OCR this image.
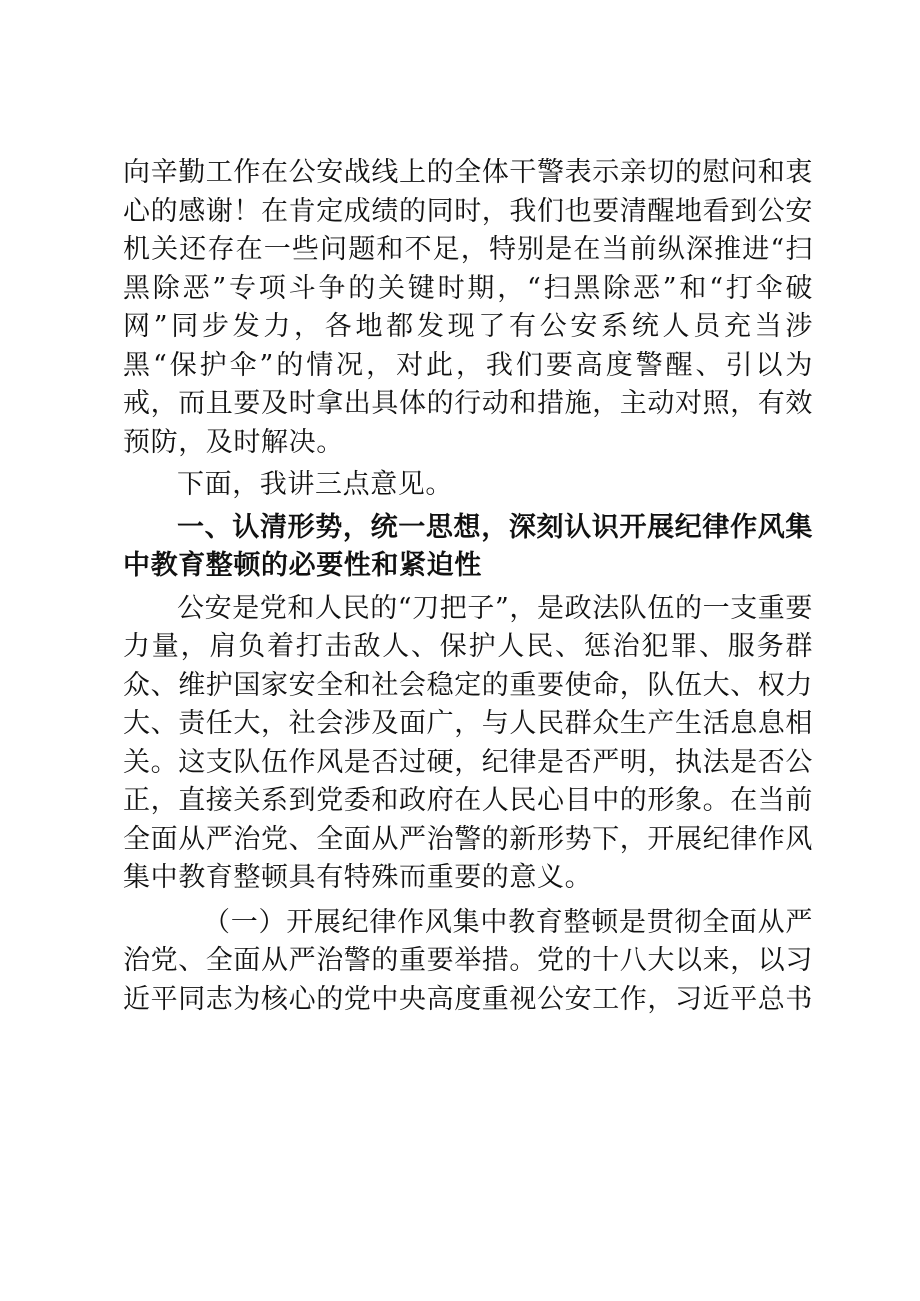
向辛勤工作在公安战线上的全体干警表示亲切的慰问和衷心的感谢！在肯定成绩的同时，我们也要清醒地看到公安机关还存在一些问题和不足，特别是在当前纵深推进“扫黑除恶”专项斗争的关键时期，“扫黑除恶”和“打伞破网”同步发力，各地都发现了有公安系统人员充当涉黑“保护伞”的情况，对此，我们要高度警醒、引以为戒，而且要及时拿出具体的行动和措施，主动对照，有效预防，及时解决。

下面，我讲三点意见。

一、认清形势，统一思想，深刻认识开展纪律作风集中教育整顿的必要性和紧迫性

公安是党和人民的“刀把子”，是政法队伍的一支重要力量，肩负着打击敌人、保护人民、惩治犯罪、服务群众、维护国家安全和社会稳定的重要使命，队伍大、权力大、责任大，社会涉及面广，与人民群众生产生活息息相关。这支队伍作风是否过硬，纪律是否严明，执法是否公正，直接关系到党委和政府在人民心目中的形象。在当前全面从严治党、全面从严治警的新形势下，开展纪律作风集中教育整顿具有特殊而重要的意义。

（一）开展纪律作风集中教育整顿是贯彻全面从严治党、全面从严治警的重要举措。党的十八大以来，以习近平同志为核心的党中央高度重视公安工作，习近平总书
